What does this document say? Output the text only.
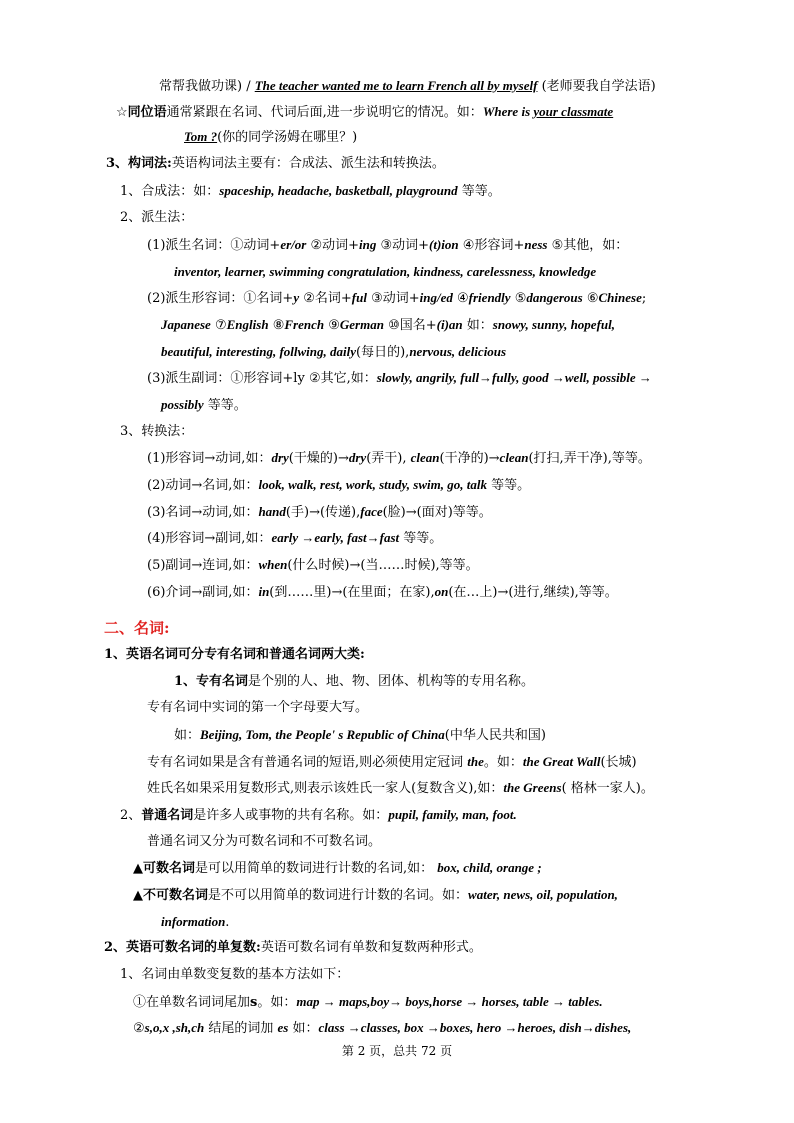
常帮我做功课) / The teacher wanted me to learn French all by myself (老师要我自学法语)
☆同位语通常紧跟在名词、代词后面,进一步说明它的情况。如：Where is your classmate
Tom ?(你的同学汤姆在哪里？)
3、构词法:英语构词法主要有：合成法、派生法和转换法。
1、合成法：如：spaceship, headache, basketball, playground 等等。
2、派生法：
(1)派生名词：①动词+er/or ②动词+ing ③动词+(t)ion ④形容词+ness ⑤其他，如：
inventor, learner, swimming congratulation, kindness, carelessness, knowledge
(2)派生形容词：①名词+y ②名词+ful ③动词+ing/ed ④friendly ⑤dangerous ⑥Chinese;
Japanese ⑦English ⑧French ⑨German ⑩国名+(i)an 如：snowy, sunny, hopeful,
beautiful, interesting, follwing, daily(每日的),nervous, delicious
(3)派生副词：①形容词+ly ②其它,如：slowly, angrily, full→fully, good →well, possible →
possibly 等等。
3、转换法：
(1)形容词→动词,如：dry(干燥的)→dry(弄干), clean(干净的)→clean(打扫,弄干净),等等。
(2)动词→名词,如：look, walk, rest, work, study, swim, go, talk 等等。
(3)名词→动词,如：hand(手)→(传递),face(脸)→(面对)等等。
(4)形容词→副词,如：early →early, fast→fast 等等。
(5)副词→连词,如：when(什么时候)→(当……时候),等等。
(6)介词→副词,如：in(到……里)→(在里面；在家),on(在…上)→(进行,继续),等等。
二、名词:
1、英语名词可分专有名词和普通名词两大类:
1、专有名词是个别的人、地、物、团体、机构等的专用名称。
专有名词中实词的第一个字母要大写。
如：Beijing, Tom, the People' s Republic of China(中华人民共和国)
专有名词如果是含有普通名词的短语,则必须使用定冠词 the。如：the Great Wall(长城)
姓氏名如果采用复数形式,则表示该姓氏一家人(复数含义),如：the Greens( 格林一家人)。
2、普通名词是许多人或事物的共有名称。如：pupil, family, man, foot.
普通名词又分为可数名词和不可数名词。
▲可数名词是可以用简单的数词进行计数的名词,如： box, child, orange ;
▲不可数名词是不可以用简单的数词进行计数的名词。如：water, news, oil, population,
information.
2、英语可数名词的单复数:英语可数名词有单数和复数两种形式。
1、名词由单数变复数的基本方法如下：
①在单数名词词尾加s。如：map → maps,boy→ boys,horse → horses, table → tables.
②s,o,x ,sh,ch 结尾的词加 es 如：class →classes, box →boxes, hero →heroes, dish→dishes,
第 2 页，总共 72 页
